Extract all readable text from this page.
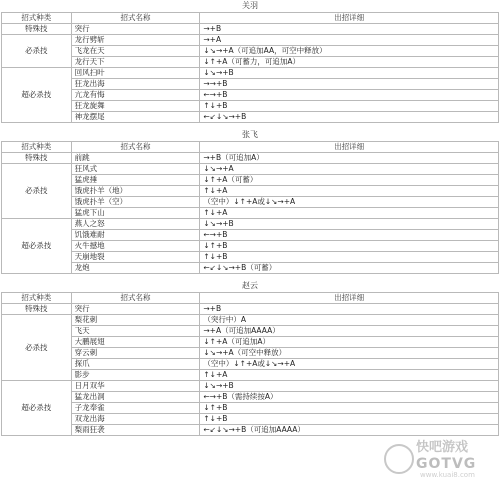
关羽
招式种类	招式名称	出招详细
特殊技	突行	→+B
必杀技	龙行劈斩	→+A
	飞龙在天	↓↘→+A（可追加AA，可空中释放）
	龙行天下	↓↑+A（可蓄力，可追加A）
超必杀技	回风扫叶	↓↘→+B
	狂龙出海	→→+B
	亢龙有悔	←→+B
	狂龙旋舞	↑↓+B
	神龙摆尾	←↙↓↘→+B
张飞
招式种类	招式名称	出招详细
特殊技	前跳	→+B（可追加A）
必杀技	狂风式	↓↘→+A
	猛虎捶	↓↑+A（可蓄）
	饿虎扑羊（地）	↑↓+A
	饿虎扑羊（空）	（空中）↓↑+A或↓↘→+A
	猛虎下山	↑↓+A
超必杀技	燕人之怒	↓↘→+B
	饥饿难耐	←→+B
	火牛撼地	↓↑+B
	天崩地裂	↑↓+B
	龙炮	←↙↓↘→+B（可蓄）
赵云
招式种类	招式名称	出招详细
特殊技	突行	→+B
必杀技	梨花刺	（突行中）A
	飞天	→+A（可追加AAAA）
	大鹏展翅	↓↑+A（可追加A）
	穿云刺	↓↘→+A（可空中释放）
	探爪	（空中）↓↑+A或↓↘→+A
	影步	↑↓+A
超必杀技	日月双华	↓↘→+B
	猛龙出洞	←→+B（需持续按A）
	子龙奉雀	↓↑+B
	双龙出海	↑↓+B
	梨雨狂袭	←↙↓↘→+B（可追加AAAA）
快吧游戏
GOTVG
www.kuai8.com
